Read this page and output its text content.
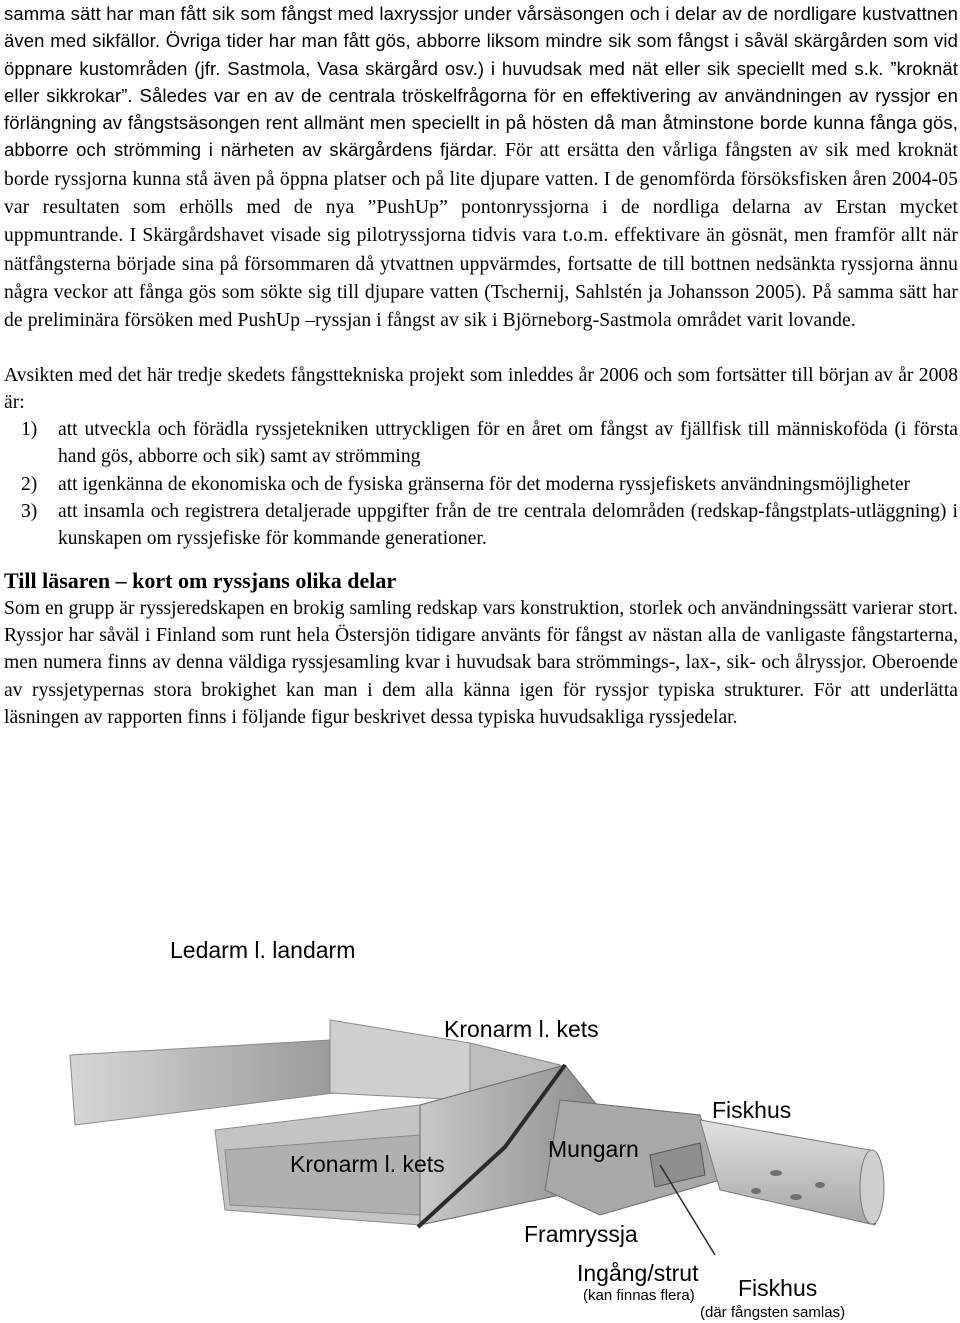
samma sätt har man fått sik som fångst med laxryssjor under vårsäsongen och i delar av de nordligare kustvattnen även med sikfällor. Övriga tider har man fått gös, abborre liksom mindre sik som fångst i såväl skärgården som vid öppnare kustområden (jfr. Sastmola, Vasa skärgård osv.) i huvudsak med nät eller sik speciellt med s.k. ”kroknät eller sikkrokar”. Således var en av de centrala tröskelfrågorna för en effektivering av användningen av ryssjor en förlängning av fångstsäsongen rent allmänt men speciellt in på hösten då man åtminstone borde kunna fånga gös, abborre och strömming i närheten av skärgårdens fjärdar. För att ersätta den vårliga fångsten av sik med kroknät borde ryssjorna kunna stå även på öppna platser och på lite djupare vatten. I de genomförda försöksfisken åren 2004-05 var resultaten som erhölls med de nya ”PushUp” pontonryssjorna i de nordliga delarna av Erstan mycket uppmuntrande. I Skärgårdshavet visade sig pilotryssjorna tidvis vara t.o.m. effektivare än gösnät, men framför allt när nätfångsterna började sina på försommaren då ytvattnen uppvärmdes, fortsatte de till bottnen nedsänkta ryssjorna ännu några veckor att fånga gös som sökte sig till djupare vatten (Tschernij, Sahlstén ja Johansson 2005). På samma sätt har de preliminära försöken med PushUp –ryssjan i fångst av sik i Björneborg-Sastmola området varit lovande.

Avsikten med det här tredje skedets fångsttekniska projekt som inleddes år 2006 och som fortsätter till början av år 2008 är:

1) att utveckla och förädla ryssjetekniken uttryckligen för en året om fångst av fjällfisk till människoföda (i första hand gös, abborre och sik) samt av strömming
2) att igenkänna de ekonomiska och de fysiska gränserna för det moderna ryssjefiskets användningsmöjligheter
3) att insamla och registrera detaljerade uppgifter från de tre centrala delområden (redskap-fångstplats-utläggning) i kunskapen om ryssjefiske för kommande generationer.
Till läsaren – kort om ryssjans olika delar

Som en grupp är ryssjeredskapen en brokig samling redskap vars konstruktion, storlek och användningssätt varierar stort. Ryssjor har såväl i Finland som runt hela Östersjön tidigare använts för fångst av nästan alla de vanligaste fångstarterna, men numera finns av denna väldiga ryssjesamling kvar i huvudsak bara strömmings-, lax-, sik- och ålryssjor. Oberoende av ryssjetypernas stora brokighet kan man i dem alla känna igen för ryssjor typiska strukturer. För att underlätta läsningen av rapporten finns i följande figur beskrivet dessa typiska huvudsakliga ryssjedelar.

Ledarm l. landarm
Kronarm l. kets
Fiskhus
Kronarm l. kets
Mungarn
Framryssja
Ingång/strut
(kan finnas flera) Fiskhus
(där fångsten samlas)
